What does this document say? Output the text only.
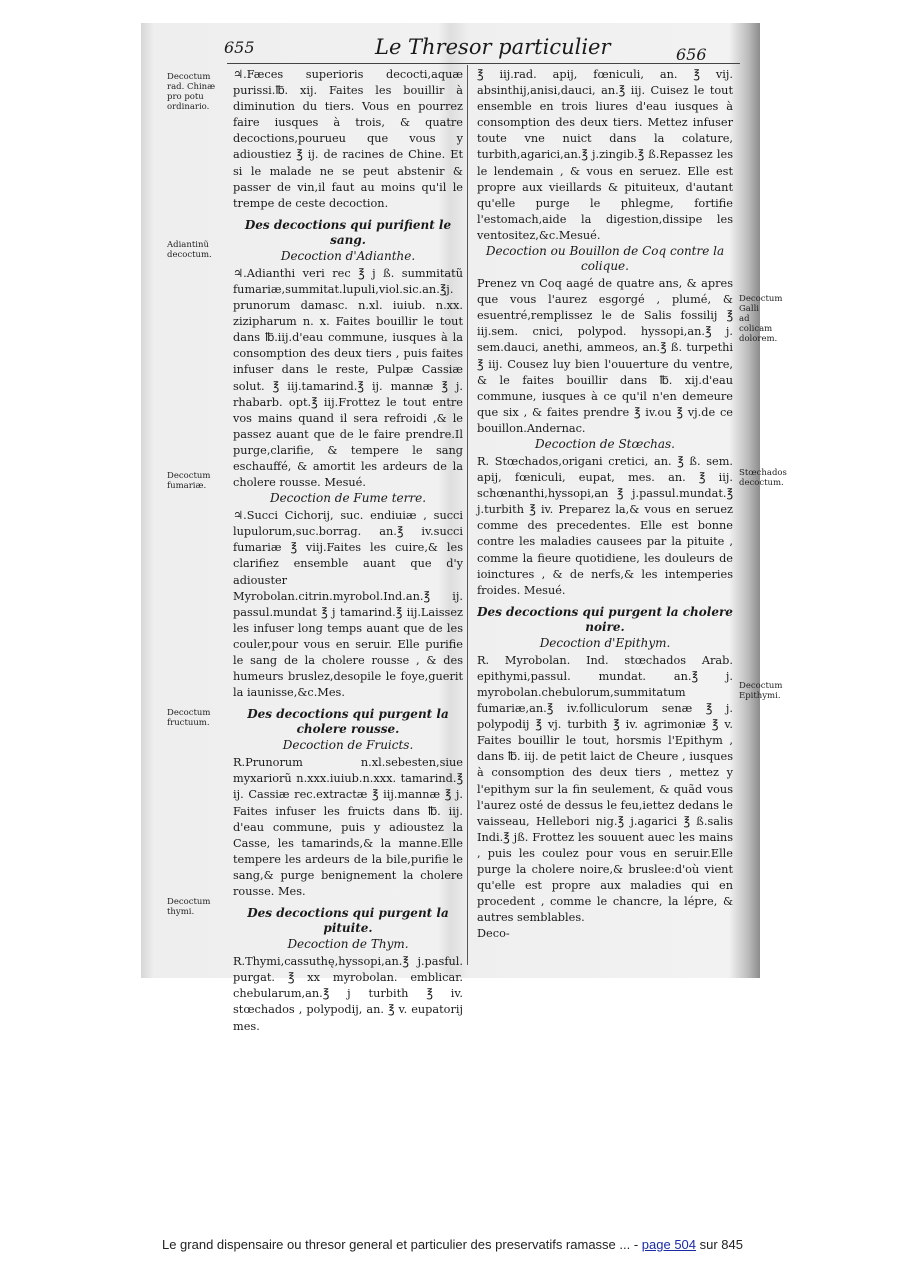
655	Le Thresor particulier	656
Decoctum rad. Chinæ pro potu ordinario.
Adiantinũ decoctum.
Decoctum fumariæ.
Decoctum fructuum.
Decoctum thymi.
Decoctum Galli ad colicam dolorem.
Stœchados decoctum.
Decoctum Epithymi.

♃.Fæces superioris decocti,aquæ purissi.℔. xij. Faites les bouillir à diminution du tiers. Vous en pourrez faire iusques à trois, & quatre decoctions,pourueu que vous y adioustiez ℥ ij. de racines de Chine. Et si le malade ne se peut abstenir & passer de vin,il faut au moins qu'il le trempe de ceste decoction.

Des decoctions qui purifient le sang.
Decoction d'Adianthe.

♃.Adianthi veri rec ℥ j ß. summitatũ fumariæ,summitat.lupuli,viol.sic.an.℥j. prunorum damasc. n.xl. iuiub. n.xx. zizipharum n. x. Faites bouillir le tout dans ℔.iij.d'eau commune, iusques à la consomption des deux tiers , puis faites infuser dans le reste, Pulpæ Cassiæ solut. ℥ iij.tamarind.℥ ij. mannæ ℥ j. rhabarb. opt.℥ iij.Frottez le tout entre vos mains quand il sera refroidi ,& le passez auant que de le faire prendre.Il purge,clarifie, & tempere le sang eschauffé, & amortit les ardeurs de la cholere rousse. Mesué.

Decoction de Fume terre.

♃.Succi Cichorij, suc. endiuiæ , succi lupulorum,suc.borrag. an.℥ iv.succi fumariæ ℥ viij.Faites les cuire,& les clarifiez ensemble auant que d'y adiouster Myrobolan.citrin.myrobol.Ind.an.℥ ij. passul.mundat ℥ j tamarind.℥ iij.Laissez les infuser long temps auant que de les couler,pour vous en seruir. Elle purifie le sang de la cholere rousse , & des humeurs bruslez,desopile le foye,guerit la iaunisse,&c.Mes.

Des decoctions qui purgent la cholere rousse.
Decoction de Fruicts.

R.Prunorum n.xl.sebesten,siue myxariorũ n.xxx.iuiub.n.xxx. tamarind.℥ ij. Cassiæ rec.extractæ ℥ iij.mannæ ℥ j. Faites infuser les fruicts dans ℔. iij. d'eau commune, puis y adioustez la Casse, les tamarinds,& la manne.Elle tempere les ardeurs de la bile,purifie le sang,& purge benignement la cholere rousse. Mes.

Des decoctions qui purgent la pituite.
Decoction de Thym.

R.Thymi,cassuthę,hyssopi,an.℥ j.pasful. purgat. ℥ xx myrobolan. emblicar. chebularum,an.℥ j turbith ℥ iv. stœchados , polypodij, an. ℥ v. eupatorij mes.

℥ iij.rad. apij, fœniculi, an. ℥ vij. absinthij,anisi,dauci, an.℥ iij. Cuisez le tout ensemble en trois liures d'eau iusques à consomption des deux tiers. Mettez infuser toute vne nuict dans la colature, turbith,agarici,an.℥ j.zingib.℥ ß.Repassez les le lendemain , & vous en seruez. Elle est propre aux vieillards & pituiteux, d'autant qu'elle purge le phlegme, fortifie l'estomach,aide la digestion,dissipe les ventositez,&c.Mesué.

Decoction ou Bouillon de Coq contre la colique.

Prenez vn Coq aagé de quatre ans, & apres que vous l'aurez esgorgé , plumé, & esuentré,remplissez le de Salis fossilij ℥ iij.sem. cnici, polypod. hyssopi,an.℥ j. sem.dauci, anethi, ammeos, an.℥ ß. turpethi ℥ iij. Cousez luy bien l'ouuerture du ventre, & le faites bouillir dans ℔. xij.d'eau commune, iusques à ce qu'il n'en demeure que six , & faites prendre ℥ iv.ou ℥ vj.de ce bouillon.Andernac.

Decoction de Stœchas.

R. Stœchados,origani cretici, an. ℥ ß. sem. apij, fœniculi, eupat, mes. an. ℥ iij. schœnanthi,hyssopi,an ℥ j.passul.mundat.℥ j.turbith ℥ iv. Preparez la,& vous en seruez comme des precedentes. Elle est bonne contre les maladies causees par la pituite , comme la fieure quotidiene, les douleurs de ioinctures , & de nerfs,& les intemperies froides. Mesué.

Des decoctions qui purgent la cholere noire.
Decoction d'Epithym.

R. Myrobolan. Ind. stœchados Arab. epithymi,passul. mundat. an.℥ j. myrobolan.chebulorum,summitatum fumariæ,an.℥ iv.folliculorum senæ ℥ j. polypodij ℥ vj. turbith ℥ iv. agrimoniæ ℥ v. Faites bouillir le tout, horsmis l'Epithym , dans ℔. iij. de petit laict de Cheure , iusques à consomption des deux tiers , mettez y l'epithym sur la fin seulement, & quãd vous l'aurez osté de dessus le feu,iettez dedans le vaisseau, Hellebori nig.℥ j.agarici ℥ ß.salis Indi.℥ jß. Frottez les souuent auec les mains , puis les coulez pour vous en seruir.Elle purge la cholere noire,& bruslee:d'où vient qu'elle est propre aux maladies qui en procedent , comme le chancre, la lépre, & autres semblables.

Deco-

Le grand dispensaire ou thresor general et particulier des preservatifs ramasse ... - page 504 sur 845
